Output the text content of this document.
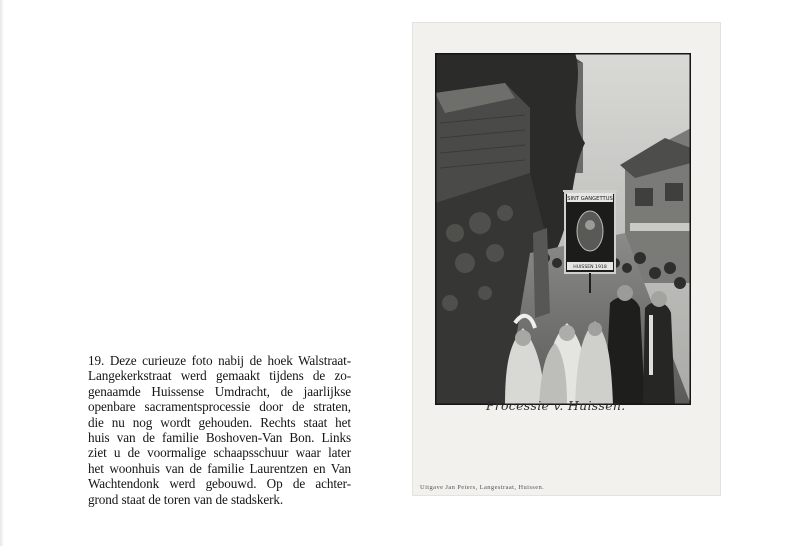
19. Deze curieuze foto nabij de hoek Walstraat-
Langekerkstraat werd gemaakt tijdens de zo-
genaamde Huissense Umdracht, de jaarlijkse
openbare sacramentsprocessie door de straten,
die nu nog wordt gehouden. Rechts staat het
huis van de familie Boshoven-Van Bon. Links
ziet u de voormalige schaapsschuur waar later
het woonhuis van de familie Laurentzen en Van
Wachtendonk werd gebouwd. Op de achter-
grond staat de toren van de stadskerk.
SINT GANGETTUS
HUISSEN 1918
Processie v. Huissen.
Uitgave Jan Peters, Langestraat, Huissen.
